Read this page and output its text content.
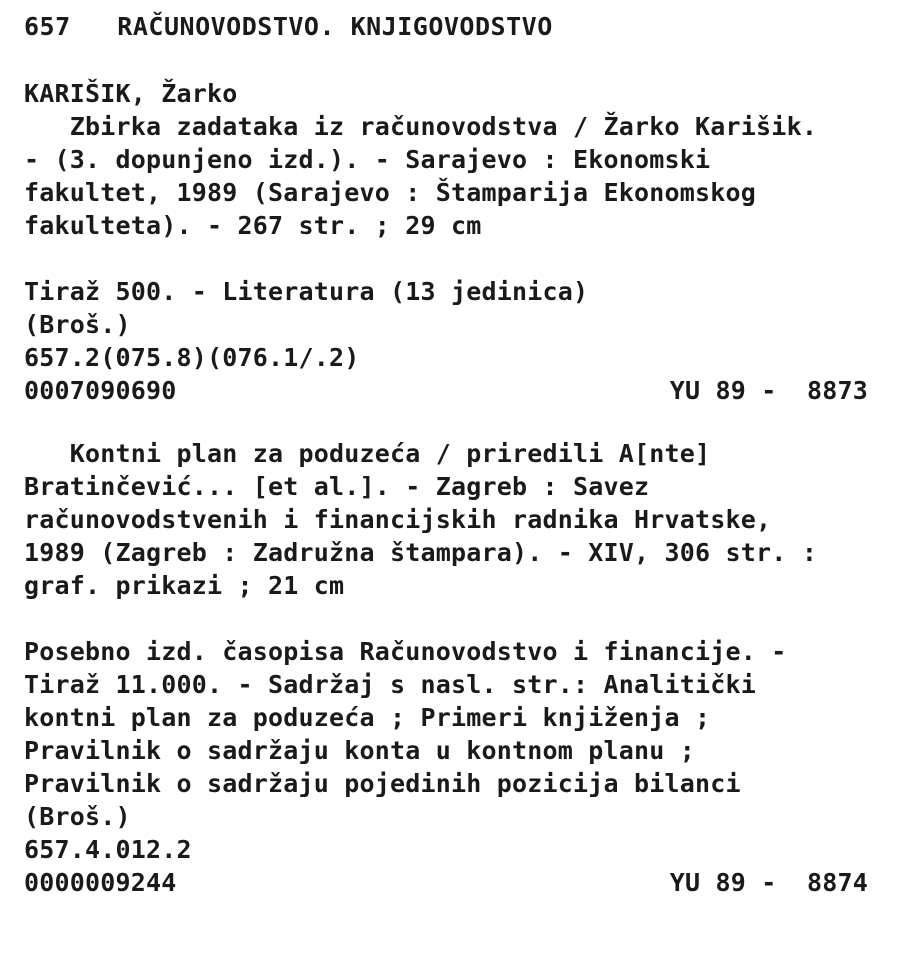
657   RAČUNOVODSTVO. KNJIGOVODSTVO
KARIŠIK, Žarko
Zbirka zadataka iz računovodstva / Žarko Karišik.
- (3. dopunjeno izd.). - Sarajevo : Ekonomski
fakultet, 1989 (Sarajevo : Štamparija Ekonomskog
fakulteta). - 267 str. ; 29 cm
Tiraž 500. - Literatura (13 jedinica)
(Broš.)
657.2(075.8)(076.1/.2)
0007090690	YU 89 -  8873
Kontni plan za poduzeća / priredili A[nte]
Bratinčević... [et al.]. - Zagreb : Savez
računovodstvenih i financijskih radnika Hrvatske,
1989 (Zagreb : Zadružna štampara). - XIV, 306 str. :
graf. prikazi ; 21 cm
Posebno izd. časopisa Računovodstvo i financije. -
Tiraž 11.000. - Sadržaj s nasl. str.: Analitički
kontni plan za poduzeća ; Primeri knjiženja ;
Pravilnik o sadržaju konta u kontnom planu ;
Pravilnik o sadržaju pojedinih pozicija bilanci
(Broš.)
657.4.012.2
0000009244	YU 89 -  8874
